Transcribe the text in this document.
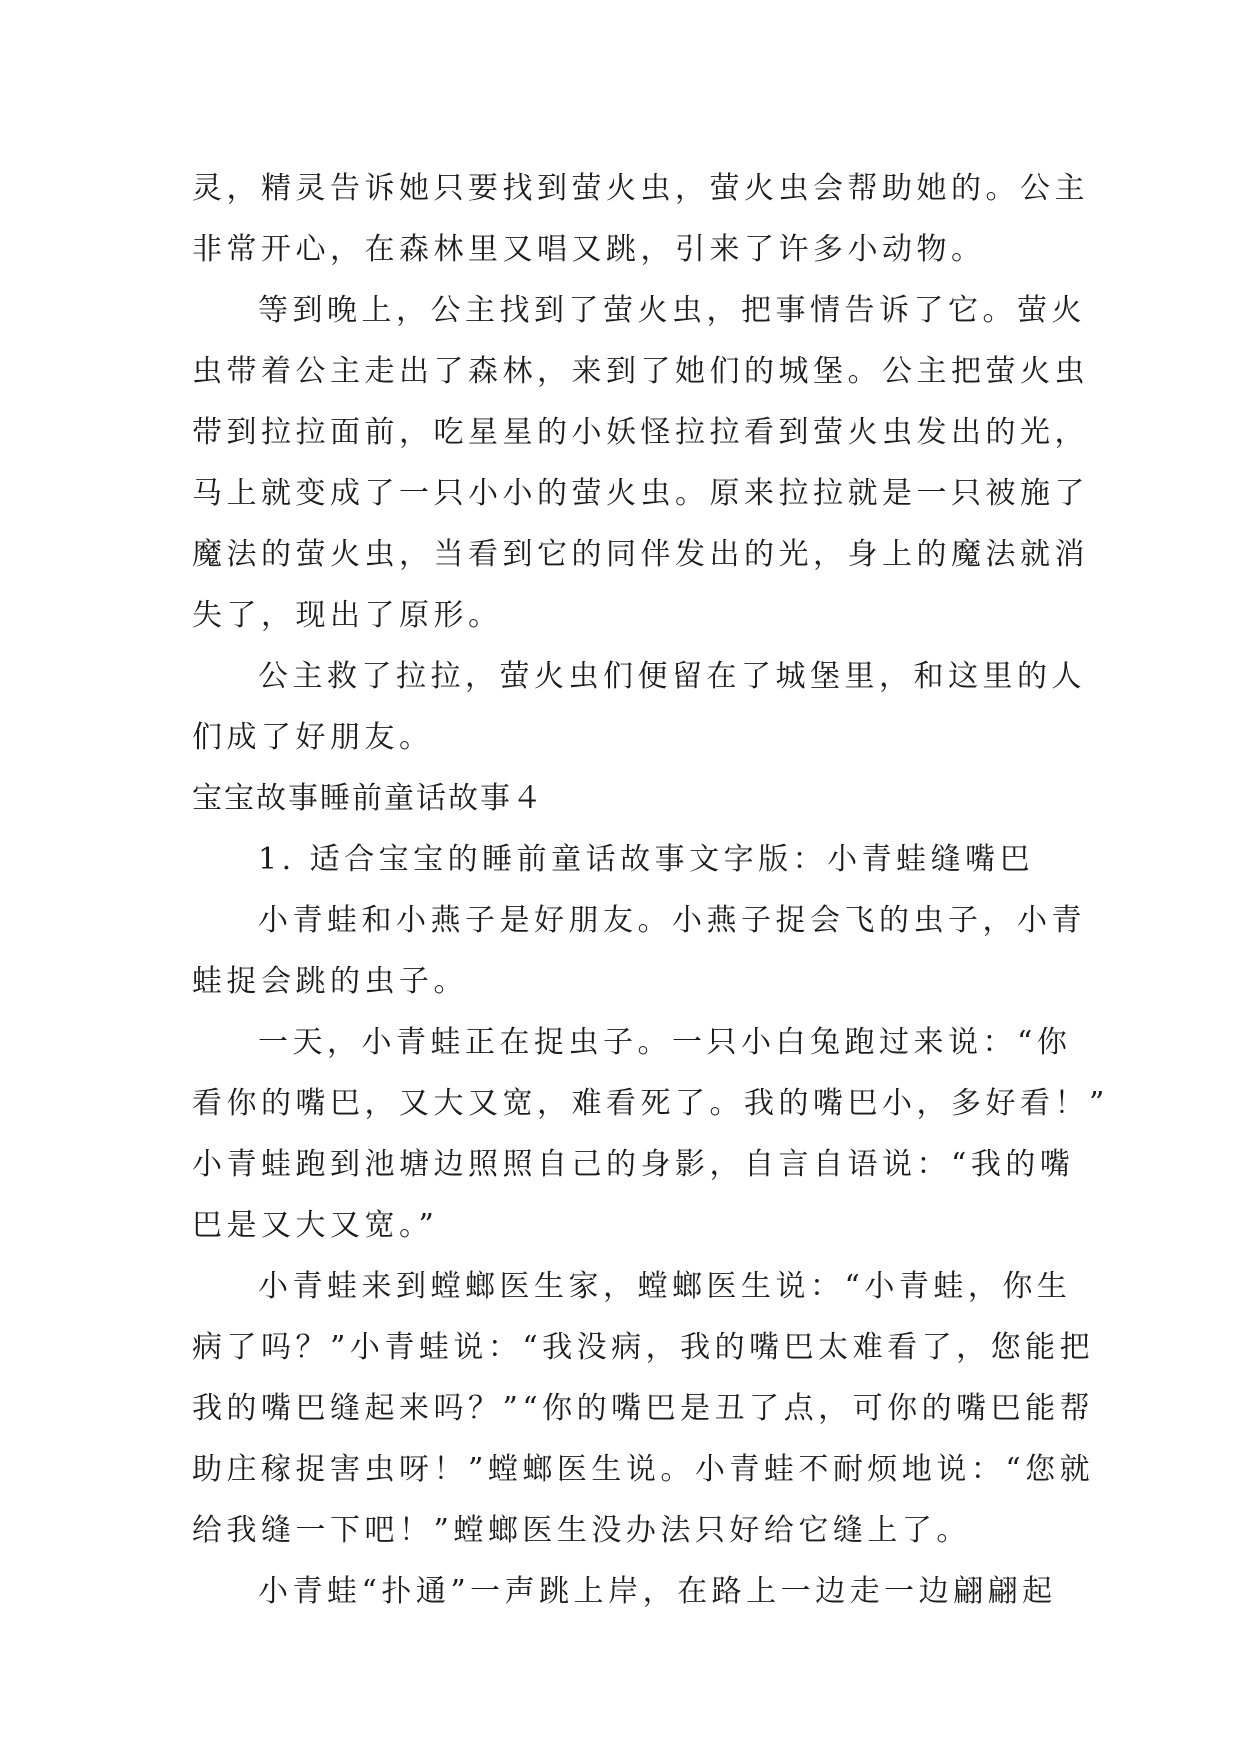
灵，精灵告诉她只要找到萤火虫，萤火虫会帮助她的。公主
非常开心，在森林里又唱又跳，引来了许多小动物。
等到晚上，公主找到了萤火虫，把事情告诉了它。萤火
虫带着公主走出了森林，来到了她们的城堡。公主把萤火虫
带到拉拉面前，吃星星的小妖怪拉拉看到萤火虫发出的光，
马上就变成了一只小小的萤火虫。原来拉拉就是一只被施了
魔法的萤火虫，当看到它的同伴发出的光，身上的魔法就消
失了，现出了原形。
公主救了拉拉，萤火虫们便留在了城堡里，和这里的人
们成了好朋友。
宝宝故事睡前童话故事４
1. 适合宝宝的睡前童话故事文字版：小青蛙缝嘴巴
小青蛙和小燕子是好朋友。小燕子捉会飞的虫子，小青
蛙捉会跳的虫子。
一天，小青蛙正在捉虫子。一只小白兔跑过来说：“你
看你的嘴巴，又大又宽，难看死了。我的嘴巴小，多好看！”
小青蛙跑到池塘边照照自己的身影，自言自语说：“我的嘴
巴是又大又宽。”
小青蛙来到螳螂医生家，螳螂医生说：“小青蛙，你生
病了吗？”小青蛙说：“我没病，我的嘴巴太难看了，您能把
我的嘴巴缝起来吗？”“你的嘴巴是丑了点，可你的嘴巴能帮
助庄稼捉害虫呀！”螳螂医生说。小青蛙不耐烦地说：“您就
给我缝一下吧！”螳螂医生没办法只好给它缝上了。
小青蛙“扑通”一声跳上岸，在路上一边走一边翩翩起
